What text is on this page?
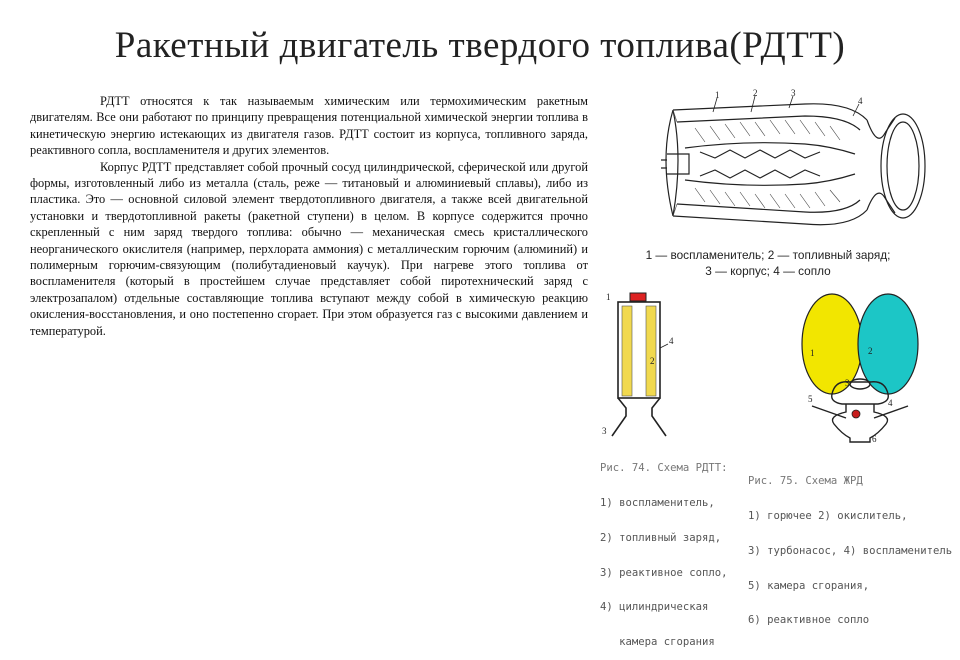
Ракетный двигатель твердого топлива(РДТТ)

РДТТ относятся к так называемым химическим или термохимическим ракетным двигателям. Все они работают по принципу превращения потенциальной химической энергии топлива в кинетическую энергию истекающих из двигателя газов. РДТТ состоит из корпуса, топливного заряда, реактивного сопла, воспламенителя и других элементов.

Корпус РДТТ представляет собой прочный сосуд цилиндрической, сферической или другой формы, изготовленный либо из металла (сталь, реже — титановый и алюминиевый сплавы), либо из пластика. Это — основной силовой элемент твердотопливного двигателя, а также всей двигательной установки и твердотопливной ракеты (ракетной ступени) в целом. В корпусе содержится прочно скрепленный с ним заряд твердого топлива: обычно — механическая смесь кристаллического неорганического окислителя (например, перхлората аммония) с металлическим горючим (алюминий) и полимерным горючим-связующим (полибутадиеновый каучук). При нагреве этого топлива от воспламенителя (который в простейшем случае представляет собой пиротехнический заряд с электрозапалом) отдельные составляющие топлива вступают между собой в химическую реакцию окисления-восстановления, и оно постепенно сгорает. При этом образуется газ с высокими давлением и температурой.

1	2	3
4
1 — воспламенитель; 2 — топливный заряд;
3 — корпус; 4 — сопло
1
2
3
4

Рис. 74. Схема РДТТ:

1) воспламенитель,

2) топливный заряд,

3) реактивное сопло,

4) цилиндрическая

камера сгорания

1	2
3
4
5
6

Рис. 75. Схема ЖРД

1) горючее 2) окислитель,

3) турбонасос, 4) воспламенитель

5) камера сгорания,

6) реактивное сопло
